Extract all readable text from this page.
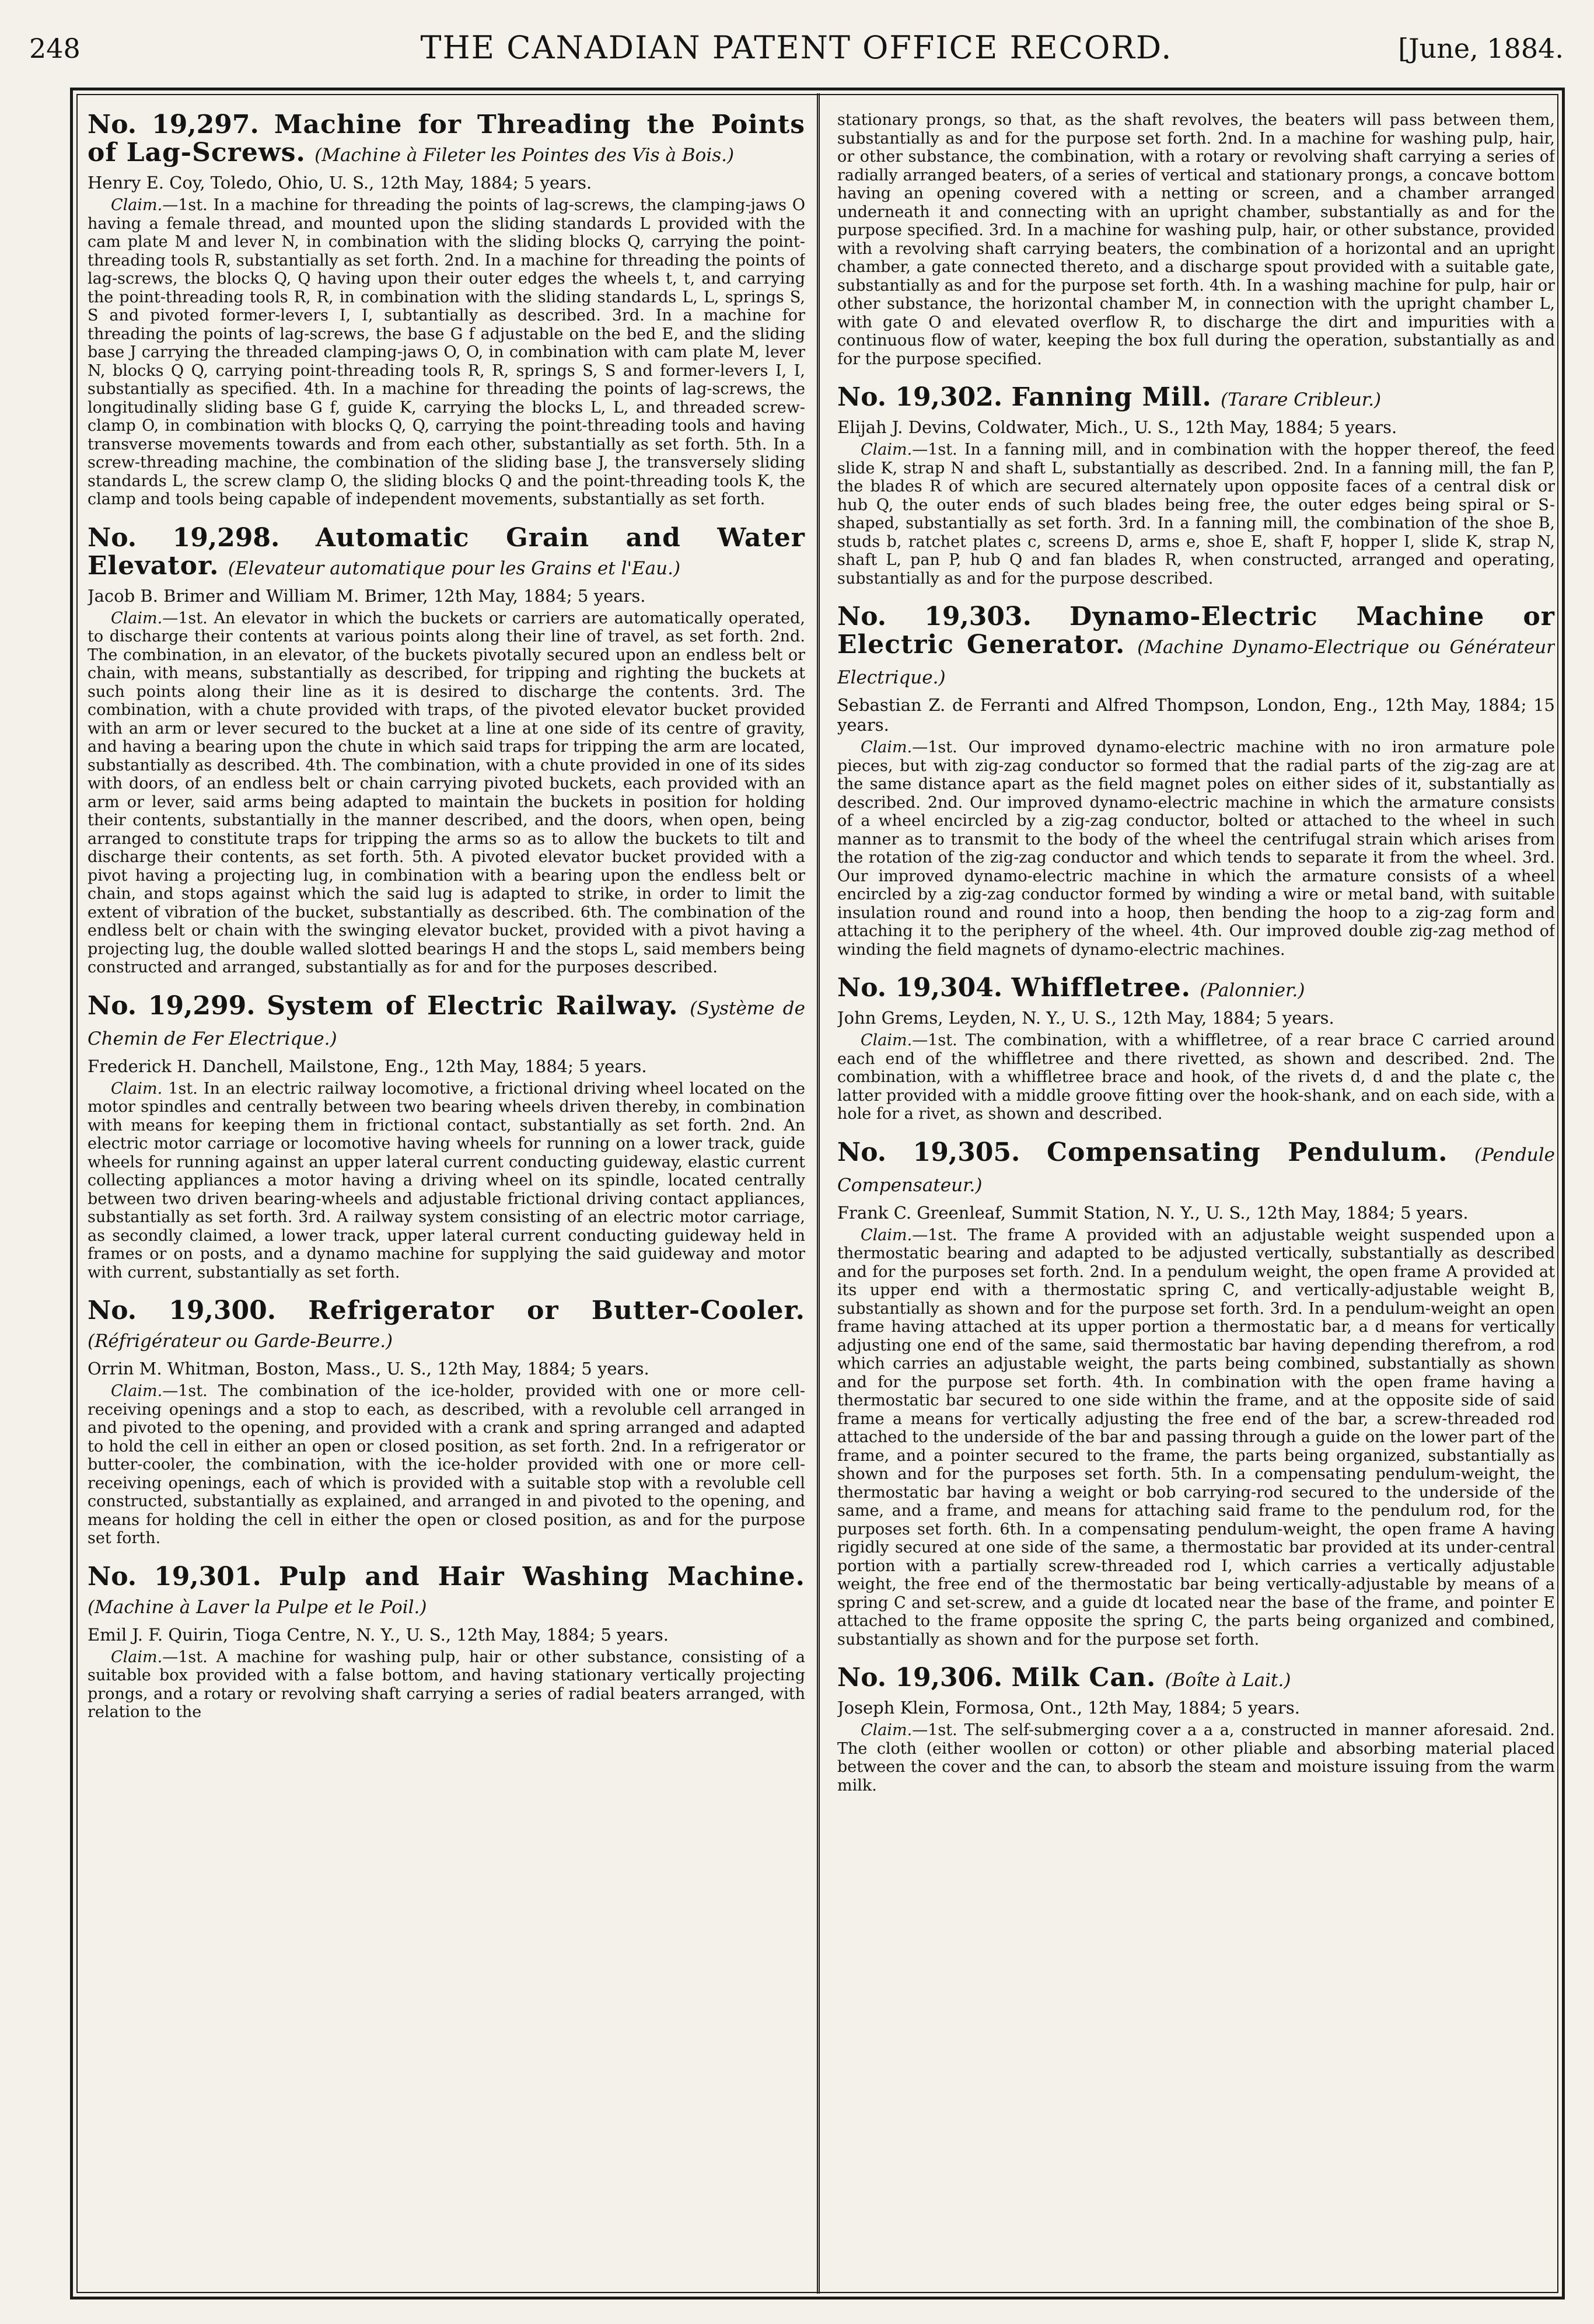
248	THE CANADIAN PATENT OFFICE RECORD.	[June, 1884.
No. 19,297. Machine for Threading the Points of Lag-Screws. (Machine à Fileter les Pointes des Vis à Bois.)
Henry E. Coy, Toledo, Ohio, U. S., 12th May, 1884; 5 years.
Claim.—1st. In a machine for threading the points of lag-screws, the clamping-jaws O having a female thread, and mounted upon the sliding standards L provided with the cam plate M and lever N, in combination with the sliding blocks Q, carrying the point-threading tools R, substantially as set forth. 2nd. In a machine for threading the points of lag-screws, the blocks Q, Q having upon their outer edges the wheels t, t, and carrying the point-threading tools R, R, in combination with the sliding standards L, L, springs S, S and pivoted former-levers I, I, subtantially as described. 3rd. In a machine for threading the points of lag-screws, the base G f adjustable on the bed E, and the sliding base J carrying the threaded clamping-jaws O, O, in combination with cam plate M, lever N, blocks Q Q, carrying point-threading tools R, R, springs S, S and former-levers I, I, substantially as specified. 4th. In a machine for threading the points of lag-screws, the longitudinally sliding base G f, guide K, carrying the blocks L, L, and threaded screw-clamp O, in combination with blocks Q, Q, carrying the point-threading tools and having transverse movements towards and from each other, substantially as set forth. 5th. In a screw-threading machine, the combination of the sliding base J, the transversely sliding standards L, the screw clamp O, the sliding blocks Q and the point-threading tools K, the clamp and tools being capable of independent movements, substantially as set forth.
No. 19,298. Automatic Grain and Water Elevator. (Elevateur automatique pour les Grains et l'Eau.)
Jacob B. Brimer and William M. Brimer, 12th May, 1884; 5 years.
Claim.—1st. An elevator in which the buckets or carriers are automatically operated, to discharge their contents at various points along their line of travel, as set forth. 2nd. The combination, in an elevator, of the buckets pivotally secured upon an endless belt or chain, with means, substantially as described, for tripping and righting the buckets at such points along their line as it is desired to discharge the contents. 3rd. The combination, with a chute provided with traps, of the pivoted elevator bucket provided with an arm or lever secured to the bucket at a line at one side of its centre of gravity, and having a bearing upon the chute in which said traps for tripping the arm are located, substantially as described. 4th. The combination, with a chute provided in one of its sides with doors, of an endless belt or chain carrying pivoted buckets, each provided with an arm or lever, said arms being adapted to maintain the buckets in position for holding their contents, substantially in the manner described, and the doors, when open, being arranged to constitute traps for tripping the arms so as to allow the buckets to tilt and discharge their contents, as set forth. 5th. A pivoted elevator bucket provided with a pivot having a projecting lug, in combination with a bearing upon the endless belt or chain, and stops against which the said lug is adapted to strike, in order to limit the extent of vibration of the bucket, substantially as described. 6th. The combination of the endless belt or chain with the swinging elevator bucket, provided with a pivot having a projecting lug, the double walled slotted bearings H and the stops L, said members being constructed and arranged, substantially as for and for the purposes described.
No. 19,299. System of Electric Railway. (Système de Chemin de Fer Electrique.)
Frederick H. Danchell, Mailstone, Eng., 12th May, 1884; 5 years.
Claim. 1st. In an electric railway locomotive, a frictional driving wheel located on the motor spindles and centrally between two bearing wheels driven thereby, in combination with means for keeping them in frictional contact, substantially as set forth. 2nd. An electric motor carriage or locomotive having wheels for running on a lower track, guide wheels for running against an upper lateral current conducting guideway, elastic current collecting appliances a motor having a driving wheel on its spindle, located centrally between two driven bearing-wheels and adjustable frictional driving contact appliances, substantially as set forth. 3rd. A railway system consisting of an electric motor carriage, as secondly claimed, a lower track, upper lateral current conducting guideway held in frames or on posts, and a dynamo machine for supplying the said guideway and motor with current, substantially as set forth.
No. 19,300. Refrigerator or Butter-Cooler. (Réfrigérateur ou Garde-Beurre.)
Orrin M. Whitman, Boston, Mass., U. S., 12th May, 1884; 5 years.
Claim.—1st. The combination of the ice-holder, provided with one or more cell-receiving openings and a stop to each, as described, with a revoluble cell arranged in and pivoted to the opening, and provided with a crank and spring arranged and adapted to hold the cell in either an open or closed position, as set forth. 2nd. In a refrigerator or butter-cooler, the combination, with the ice-holder provided with one or more cell-receiving openings, each of which is provided with a suitable stop with a revoluble cell constructed, substantially as explained, and arranged in and pivoted to the opening, and means for holding the cell in either the open or closed position, as and for the purpose set forth.
No. 19,301. Pulp and Hair Washing Machine. (Machine à Laver la Pulpe et le Poil.)
Emil J. F. Quirin, Tioga Centre, N. Y., U. S., 12th May, 1884; 5 years.
Claim.—1st. A machine for washing pulp, hair or other substance, consisting of a suitable box provided with a false bottom, and having stationary vertically projecting prongs, and a rotary or revolving shaft carrying a series of radial beaters arranged, with relation to the
stationary prongs, so that, as the shaft revolves, the beaters will pass between them, substantially as and for the purpose set forth. 2nd. In a machine for washing pulp, hair, or other substance, the combination, with a rotary or revolving shaft carrying a series of radially arranged beaters, of a series of vertical and stationary prongs, a concave bottom having an opening covered with a netting or screen, and a chamber arranged underneath it and connecting with an upright chamber, substantially as and for the purpose specified. 3rd. In a machine for washing pulp, hair, or other substance, provided with a revolving shaft carrying beaters, the combination of a horizontal and an upright chamber, a gate connected thereto, and a discharge spout provided with a suitable gate, substantially as and for the purpose set forth. 4th. In a washing machine for pulp, hair or other substance, the horizontal chamber M, in connection with the upright chamber L, with gate O and elevated overflow R, to discharge the dirt and impurities with a continuous flow of water, keeping the box full during the operation, substantially as and for the purpose specified.
No. 19,302. Fanning Mill. (Tarare Cribleur.)
Elijah J. Devins, Coldwater, Mich., U. S., 12th May, 1884; 5 years.
Claim.—1st. In a fanning mill, and in combination with the hopper thereof, the feed slide K, strap N and shaft L, substantially as described. 2nd. In a fanning mill, the fan P, the blades R of which are secured alternately upon opposite faces of a central disk or hub Q, the outer ends of such blades being free, the outer edges being spiral or S-shaped, substantially as set forth. 3rd. In a fanning mill, the combination of the shoe B, studs b, ratchet plates c, screens D, arms e, shoe E, shaft F, hopper I, slide K, strap N, shaft L, pan P, hub Q and fan blades R, when constructed, arranged and operating, substantially as and for the purpose described.
No. 19,303. Dynamo-Electric Machine or Electric Generator. (Machine Dynamo-Electrique ou Générateur Electrique.)
Sebastian Z. de Ferranti and Alfred Thompson, London, Eng., 12th May, 1884; 15 years.
Claim.—1st. Our improved dynamo-electric machine with no iron armature pole pieces, but with zig-zag conductor so formed that the radial parts of the zig-zag are at the same distance apart as the field magnet poles on either sides of it, substantially as described. 2nd. Our improved dynamo-electric machine in which the armature consists of a wheel encircled by a zig-zag conductor, bolted or attached to the wheel in such manner as to transmit to the body of the wheel the centrifugal strain which arises from the rotation of the zig-zag conductor and which tends to separate it from the wheel. 3rd. Our improved dynamo-electric machine in which the armature consists of a wheel encircled by a zig-zag conductor formed by winding a wire or metal band, with suitable insulation round and round into a hoop, then bending the hoop to a zig-zag form and attaching it to the periphery of the wheel. 4th. Our improved double zig-zag method of winding the field magnets of dynamo-electric machines.
No. 19,304. Whiffletree. (Palonnier.)
John Grems, Leyden, N. Y., U. S., 12th May, 1884; 5 years.
Claim.—1st. The combination, with a whiffletree, of a rear brace C carried around each end of the whiffletree and there rivetted, as shown and described. 2nd. The combination, with a whiffletree brace and hook, of the rivets d, d and the plate c, the latter provided with a middle groove fitting over the hook-shank, and on each side, with a hole for a rivet, as shown and described.
No. 19,305. Compensating Pendulum. (Pendule Compensateur.)
Frank C. Greenleaf, Summit Station, N. Y., U. S., 12th May, 1884; 5 years.
Claim.—1st. The frame A provided with an adjustable weight suspended upon a thermostatic bearing and adapted to be adjusted vertically, substantially as described and for the purposes set forth. 2nd. In a pendulum weight, the open frame A provided at its upper end with a thermostatic spring C, and vertically-adjustable weight B, substantially as shown and for the purpose set forth. 3rd. In a pendulum-weight an open frame having attached at its upper portion a thermostatic bar, a d means for vertically adjusting one end of the same, said thermostatic bar having depending therefrom, a rod which carries an adjustable weight, the parts being combined, substantially as shown and for the purpose set forth. 4th. In combination with the open frame having a thermostatic bar secured to one side within the frame, and at the opposite side of said frame a means for vertically adjusting the free end of the bar, a screw-threaded rod attached to the underside of the bar and passing through a guide on the lower part of the frame, and a pointer secured to the frame, the parts being organized, substantially as shown and for the purposes set forth. 5th. In a compensating pendulum-weight, the thermostatic bar having a weight or bob carrying-rod secured to the underside of the same, and a frame, and means for attaching said frame to the pendulum rod, for the purposes set forth. 6th. In a compensating pendulum-weight, the open frame A having rigidly secured at one side of the same, a thermostatic bar provided at its under-central portion with a partially screw-threaded rod I, which carries a vertically adjustable weight, the free end of the thermostatic bar being vertically-adjustable by means of a spring C and set-screw, and a guide dt located near the base of the frame, and pointer E attached to the frame opposite the spring C, the parts being organized and combined, substantially as shown and for the purpose set forth.
No. 19,306. Milk Can. (Boîte à Lait.)
Joseph Klein, Formosa, Ont., 12th May, 1884; 5 years.
Claim.—1st. The self-submerging cover a a a, constructed in manner aforesaid. 2nd. The cloth (either woollen or cotton) or other pliable and absorbing material placed between the cover and the can, to absorb the steam and moisture issuing from the warm milk.
